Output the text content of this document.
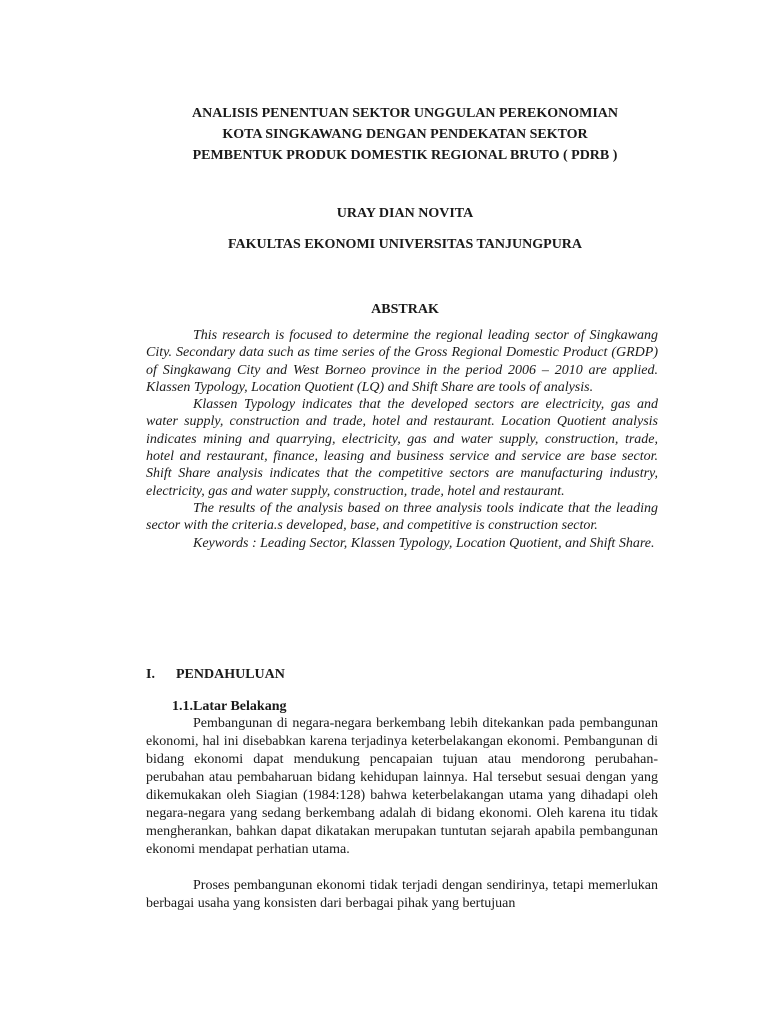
ANALISIS PENENTUAN SEKTOR UNGGULAN PEREKONOMIAN
KOTA SINGKAWANG DENGAN PENDEKATAN SEKTOR
PEMBENTUK PRODUK DOMESTIK REGIONAL BRUTO ( PDRB )
URAY DIAN NOVITA
FAKULTAS EKONOMI UNIVERSITAS TANJUNGPURA
ABSTRAK

This research is focused to determine the regional leading sector of Singkawang City. Secondary data such as time series of the Gross Regional Domestic Product (GRDP) of Singkawang City and West Borneo province in the period 2006 – 2010 are applied. Klassen Typology, Location Quotient (LQ) and Shift Share are tools of analysis.

Klassen Typology indicates that the developed sectors are electricity, gas and water supply, construction and trade, hotel and restaurant. Location Quotient analysis indicates mining and quarrying, electricity, gas and water supply, construction, trade, hotel and restaurant, finance, leasing and business service and service are base sector. Shift Share analysis indicates that the competitive sectors are manufacturing industry, electricity, gas and water supply, construction, trade, hotel and restaurant.

The results of the analysis based on three analysis tools indicate that the leading sector with the criteria.s developed, base, and competitive is construction sector.

Keywords : Leading Sector, Klassen Typology, Location Quotient, and Shift Share.

I. PENDAHULUAN
1.1.Latar Belakang

Pembangunan di negara-negara berkembang lebih ditekankan pada pembangunan ekonomi, hal ini disebabkan karena terjadinya keterbelakangan ekonomi. Pembangunan di bidang ekonomi dapat mendukung pencapaian tujuan atau mendorong perubahan-perubahan atau pembaharuan bidang kehidupan lainnya. Hal tersebut sesuai dengan yang dikemukakan oleh Siagian (1984:128) bahwa keterbelakangan utama yang dihadapi oleh negara-negara yang sedang berkembang adalah di bidang ekonomi. Oleh karena itu tidak mengherankan, bahkan dapat dikatakan merupakan tuntutan sejarah apabila pembangunan ekonomi mendapat perhatian utama.

Proses pembangunan ekonomi tidak terjadi dengan sendirinya, tetapi memerlukan berbagai usaha yang konsisten dari berbagai pihak yang bertujuan
